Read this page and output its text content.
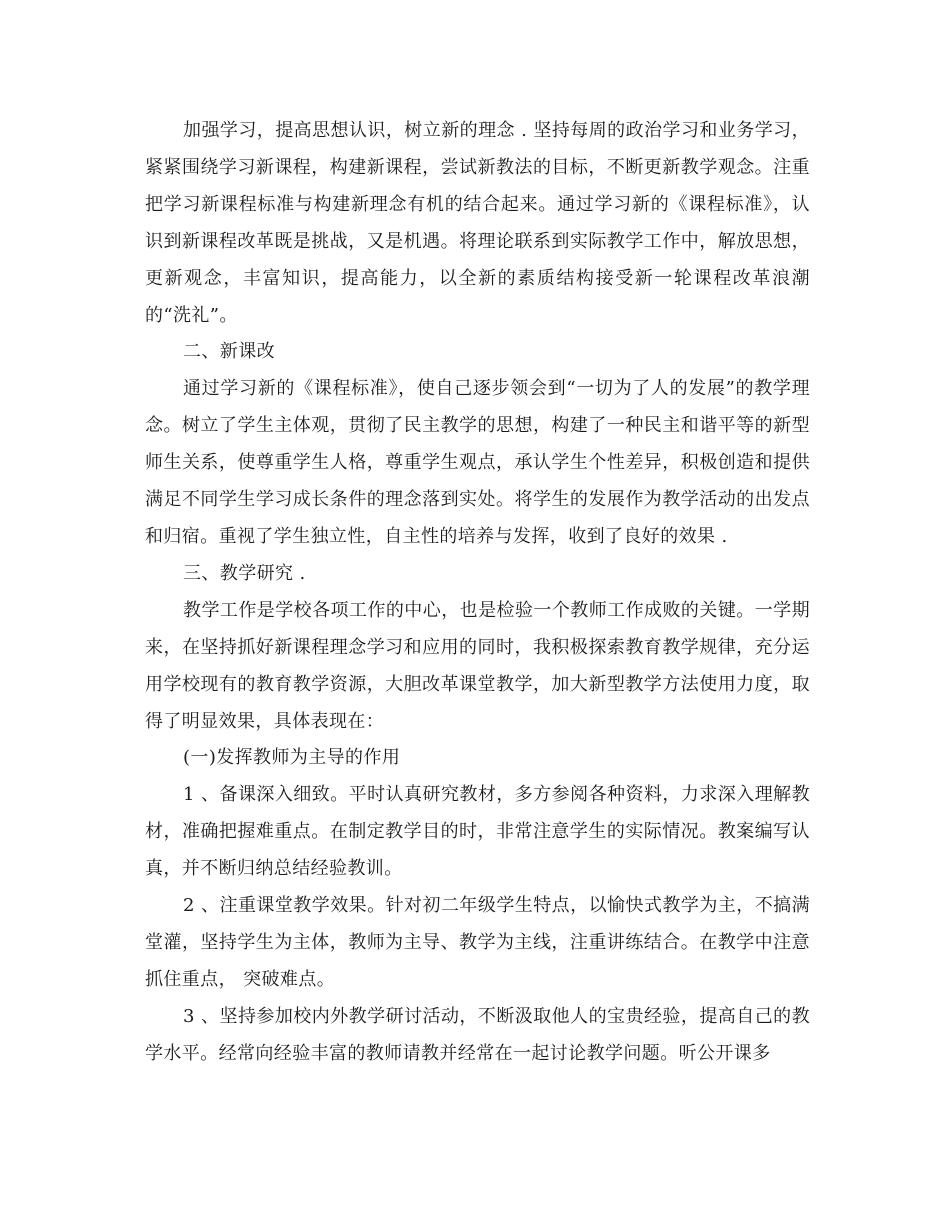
加强学习，提高思想认识，树立新的理念 . 坚持每周的政治学习和业务学习，紧紧围绕学习新课程，构建新课程，尝试新教法的目标，不断更新教学观念。注重把学习新课程标准与构建新理念有机的结合起来。通过学习新的《课程标准》，认识到新课程改革既是挑战，又是机遇。将理论联系到实际教学工作中，解放思想，更新观念，丰富知识，提高能力，以全新的素质结构接受新一轮课程改革浪潮的“洗礼”。

二、新课改

通过学习新的《课程标准》，使自己逐步领会到“一切为了人的发展”的教学理念。树立了学生主体观，贯彻了民主教学的思想，构建了一种民主和谐平等的新型师生关系，使尊重学生人格，尊重学生观点，承认学生个性差异，积极创造和提供满足不同学生学习成长条件的理念落到实处。将学生的发展作为教学活动的出发点和归宿。重视了学生独立性，自主性的培养与发挥，收到了良好的效果 .

三、教学研究 .

教学工作是学校各项工作的中心，也是检验一个教师工作成败的关键。一学期来，在坚持抓好新课程理念学习和应用的同时，我积极探索教育教学规律，充分运用学校现有的教育教学资源，大胆改革课堂教学，加大新型教学方法使用力度，取得了明显效果，具体表现在：

(一)发挥教师为主导的作用

1 、备课深入细致。平时认真研究教材，多方参阅各种资料，力求深入理解教材，准确把握难重点。在制定教学目的时，非常注意学生的实际情况。教案编写认真，并不断归纳总结经验教训。

2 、注重课堂教学效果。针对初二年级学生特点，以愉快式教学为主，不搞满堂灌，坚持学生为主体，教师为主导、教学为主线，注重讲练结合。在教学中注意抓住重点， 突破难点。

3 、坚持参加校内外教学研讨活动，不断汲取他人的宝贵经验，提高自己的教学水平。经常向经验丰富的教师请教并经常在一起讨论教学问题。听公开课多
